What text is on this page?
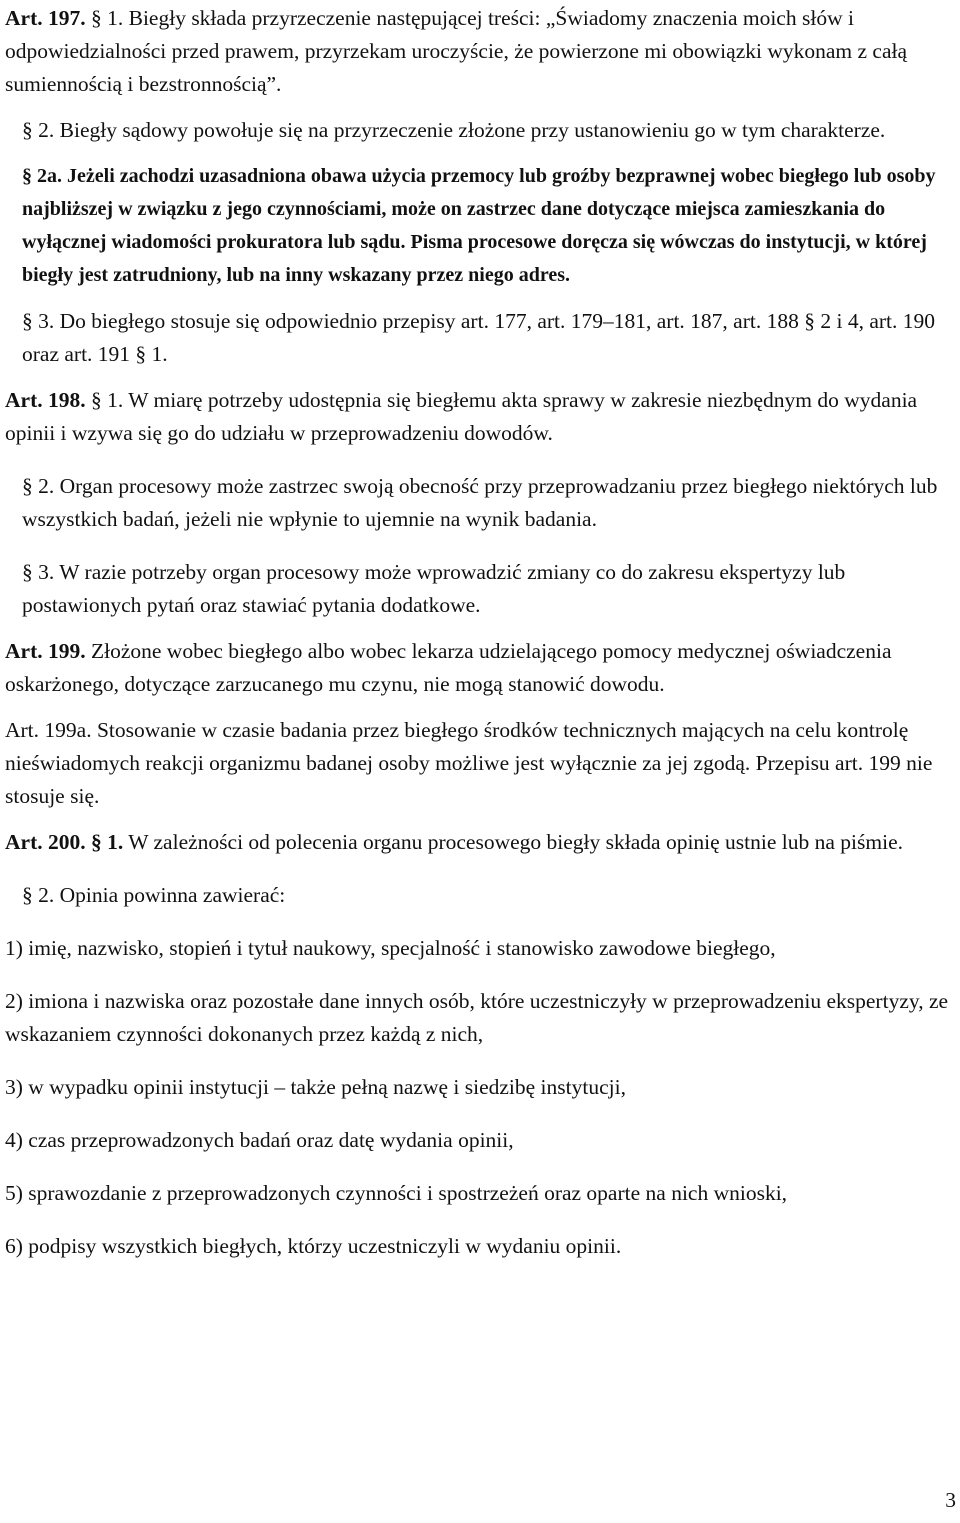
Art. 197. § 1. Biegły składa przyrzeczenie następującej treści: „Świadomy znaczenia moich słów i odpowiedzialności przed prawem, przyrzekam uroczyście, że powierzone mi obowiązki wykonam z całą sumiennością i bezstronnością”.

§ 2. Biegły sądowy powołuje się na przyrzeczenie złożone przy ustanowieniu go w tym charakterze.

§ 2a. Jeżeli zachodzi uzasadniona obawa użycia przemocy lub groźby bezprawnej wobec biegłego lub osoby najbliższej w związku z jego czynnościami, może on zastrzec dane dotyczące miejsca zamieszkania do wyłącznej wiadomości prokuratora lub sądu. Pisma procesowe doręcza się wówczas do instytucji, w której biegły jest zatrudniony, lub na inny wskazany przez niego adres.

§ 3. Do biegłego stosuje się odpowiednio przepisy art. 177, art. 179–181, art. 187, art. 188 § 2 i 4, art. 190 oraz art. 191 § 1.

Art. 198. § 1. W miarę potrzeby udostępnia się biegłemu akta sprawy w zakresie niezbędnym do wydania opinii i wzywa się go do udziału w przeprowadzeniu dowodów.

§ 2. Organ procesowy może zastrzec swoją obecność przy przeprowadzaniu przez biegłego niektórych lub wszystkich badań, jeżeli nie wpłynie to ujemnie na wynik badania.

§ 3. W razie potrzeby organ procesowy może wprowadzić zmiany co do zakresu ekspertyzy lub postawionych pytań oraz stawiać pytania dodatkowe.

Art. 199. Złożone wobec biegłego albo wobec lekarza udzielającego pomocy medycznej oświadczenia oskarżonego, dotyczące zarzucanego mu czynu, nie mogą stanowić dowodu.

Art. 199a. Stosowanie w czasie badania przez biegłego środków technicznych mających na celu kontrolę nieświadomych reakcji organizmu badanej osoby możliwe jest wyłącznie za jej zgodą. Przepisu art. 199 nie stosuje się.

Art. 200. § 1. W zależności od polecenia organu procesowego biegły składa opinię ustnie lub na piśmie.

§ 2. Opinia powinna zawierać:

1) imię, nazwisko, stopień i tytuł naukowy, specjalność i stanowisko zawodowe biegłego,

2) imiona i nazwiska oraz pozostałe dane innych osób, które uczestniczyły w przeprowadzeniu ekspertyzy, ze wskazaniem czynności dokonanych przez każdą z nich,

3) w wypadku opinii instytucji – także pełną nazwę i siedzibę instytucji,

4) czas przeprowadzonych badań oraz datę wydania opinii,

5) sprawozdanie z przeprowadzonych czynności i spostrzeżeń oraz oparte na nich wnioski,

6) podpisy wszystkich biegłych, którzy uczestniczyli w wydaniu opinii.

3
